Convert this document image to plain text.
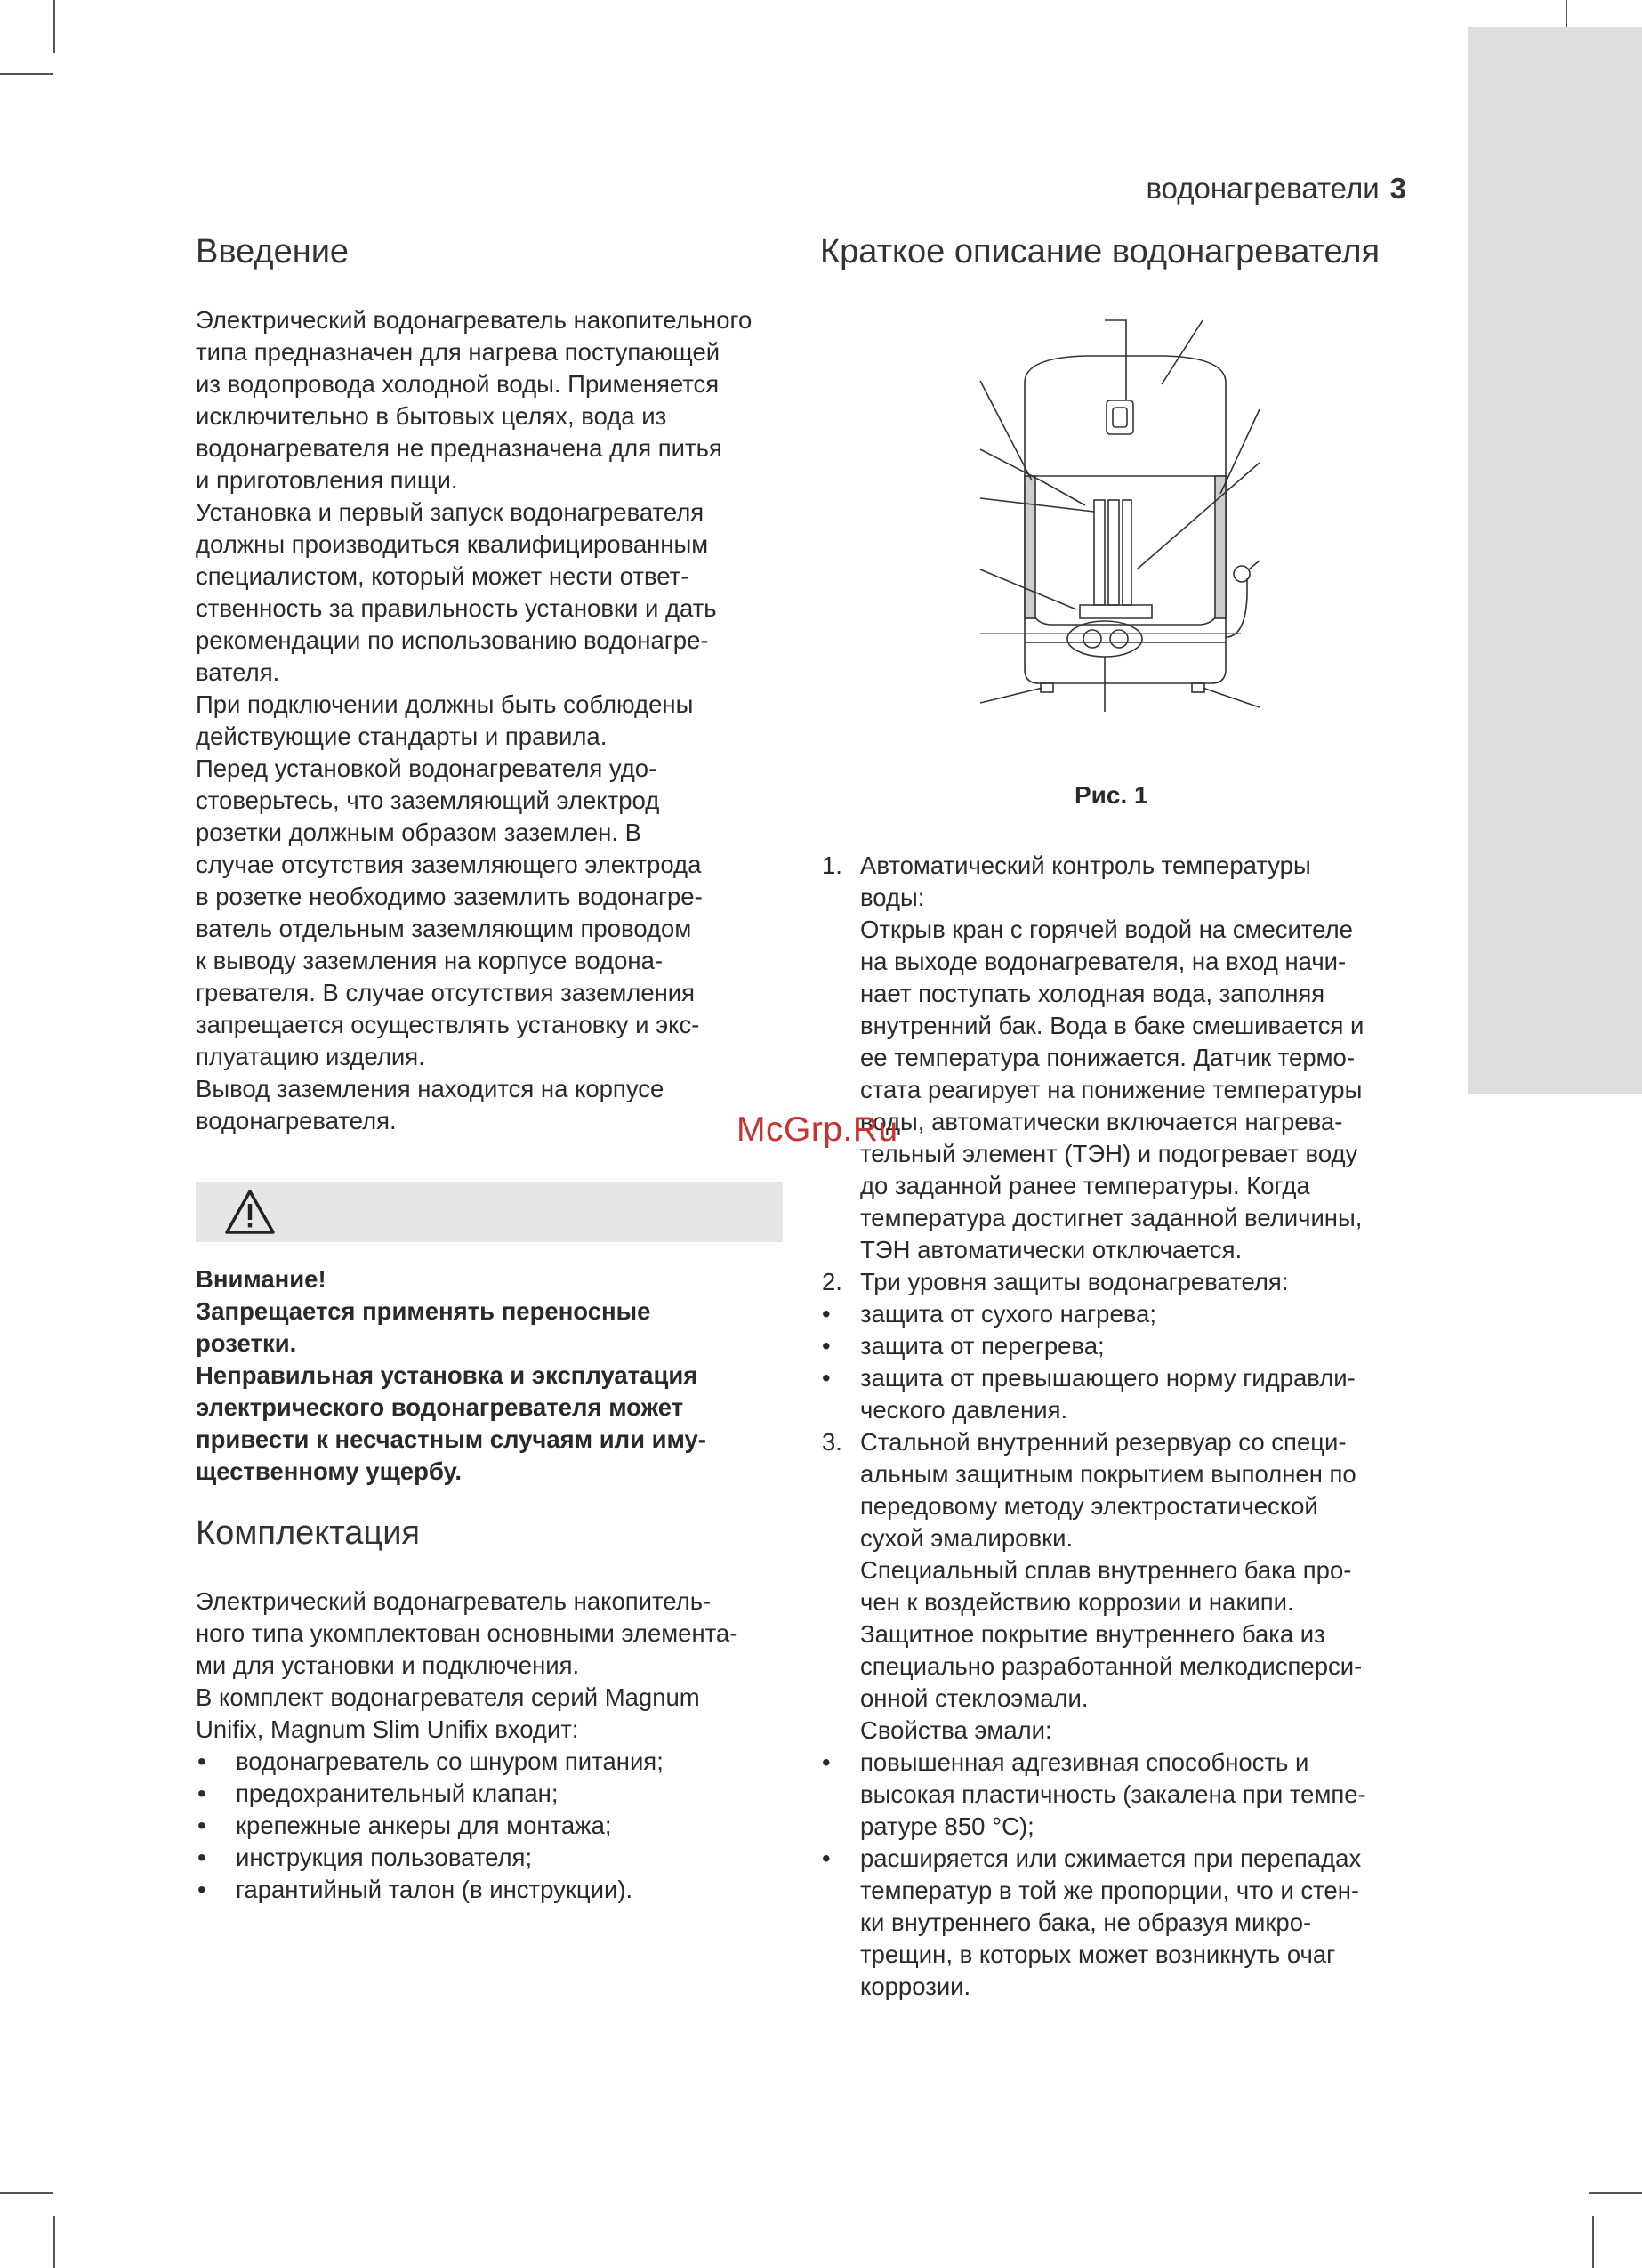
водонагреватели 3
Введение

Электрический водонагреватель накопительного

типа предназначен для нагрева поступающей

из водопровода холодной воды. Применяется

исключительно в бытовых целях, вода из

водонагревателя не предназначена для питья

и приготовления пищи.

Установка и первый запуск водонагревателя

должны производиться квалифицированным

специалистом, который может нести ответ-

ственность за правильность установки и дать

рекомендации по использованию водонагре-

вателя.

При подключении должны быть соблюдены

действующие стандарты и правила.

Перед установкой водонагревателя удо-

стоверьтесь, что заземляющий электрод

розетки должным образом заземлен. В

случае отсутствия заземляющего электрода

в розетке необходимо заземлить водонагре-

ватель отдельным заземляющим проводом

к выводу заземления на корпусе водона-

гревателя. В случае отсутствия заземления

запрещается осуществлять установку и экс-

плуатацию изделия.

Вывод заземления находится на корпусе

водонагревателя.

Внимание!
Запрещается применять переносные
розетки.
Неправильная установка и эксплуатация
электрического водонагревателя может
привести к несчастным случаям или иму-
щественному ущербу.
Комплектация

Электрический водонагреватель накопитель-

ного типа укомплектован основными элемента-

ми для установки и подключения.

В комплект водонагревателя серий Magnum

Unifix, Magnum Slim Unifix входит:

• водонагреватель со шнуром питания;
• предохранительный клапан;
• крепежные анкеры для монтажа;
• инструкция пользователя;
• гарантийный талон (в инструкции).
Краткое описание водонагревателя
Рис. 1
1. Автоматический контроль температуры
воды:
Открыв кран с горячей водой на смесителе
на выходе водонагревателя, на вход начи-
нает поступать холодная вода, заполняя
внутренний бак. Вода в баке смешивается и
ее температура понижается. Датчик термо-
стата реагирует на понижение температуры
воды, автоматически включается нагрева-
тельный элемент (ТЭН) и подогревает воду
до заданной ранее температуры. Когда
температура достигнет заданной величины,
ТЭН автоматически отключается.
2. Три уровня защиты водонагревателя:
• защита от сухого нагрева;
• защита от перегрева;
• защита от превышающего норму гидравли-
ческого давления.
3. Стальной внутренний резервуар со специ-
альным защитным покрытием выполнен по
передовому методу электростатической
сухой эмалировки.
Специальный сплав внутреннего бака про-
чен к воздействию коррозии и накипи.
Защитное покрытие внутреннего бака из
специально разработанной мелкодисперси-
онной стеклоэмали.
Свойства эмали:
• повышенная адгезивная способность и
высокая пластичность (закалена при темпе-
ратуре 850 °С);
• расширяется или сжимается при перепадах
температур в той же пропорции, что и стен-
ки внутреннего бака, не образуя микро-
трещин, в которых может возникнуть очаг
коррозии.
McGrp.Ru
